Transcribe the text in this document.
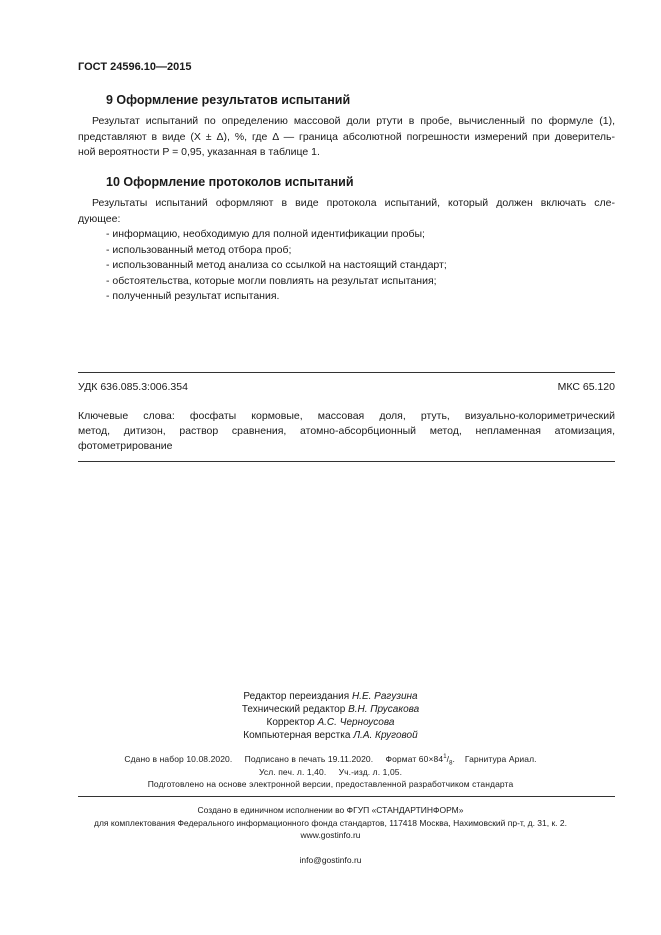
ГОСТ 24596.10—2015
9 Оформление результатов испытаний
Результат испытаний по определению массовой доли ртути в пробе, вычисленный по формуле (1),
представляют в виде (X ± Δ), %, где Δ — граница абсолютной погрешности измерений при доверитель-
ной вероятности P = 0,95, указанная в таблице 1.
10 Оформление протоколов испытаний
Результаты испытаний оформляют в виде протокола испытаний, который должен включать сле-
дующее:
- информацию, необходимую для полной идентификации пробы;
- использованный метод отбора проб;
- использованный метод анализа со ссылкой на настоящий стандарт;
- обстоятельства, которые могли повлиять на результат испытания;
- полученный результат испытания.
УДК 636.085.3:006.354	МКС 65.120
Ключевые слова: фосфаты кормовые, массовая доля, ртуть, визуально-колориметрический
метод, дитизон, раствор сравнения, атомно-абсорбционный метод, непламенная атомизация,
фотометрирование
Редактор переиздания Н.Е. Рагузина
Технический редактор В.Н. Прусакова
Корректор А.С. Черноусова
Компьютерная верстка Л.А. Круговой
Сдано в набор 10.08.2020. Подписано в печать 19.11.2020. Формат $60\times 84^1/_8$. Гарнитура Ариал.
Усл. печ. л. 1,40. Уч.-изд. л. 1,05.
Подготовлено на основе электронной версии, предоставленной разработчиком стандарта
Создано в единичном исполнении во ФГУП «СТАНДАРТИНФОРМ»
для комплектования Федерального информационного фонда стандартов, 117418 Москва, Нахимовский пр-т, д. 31, к. 2.
www.gostinfo.ru

info@gostinfo.ru
